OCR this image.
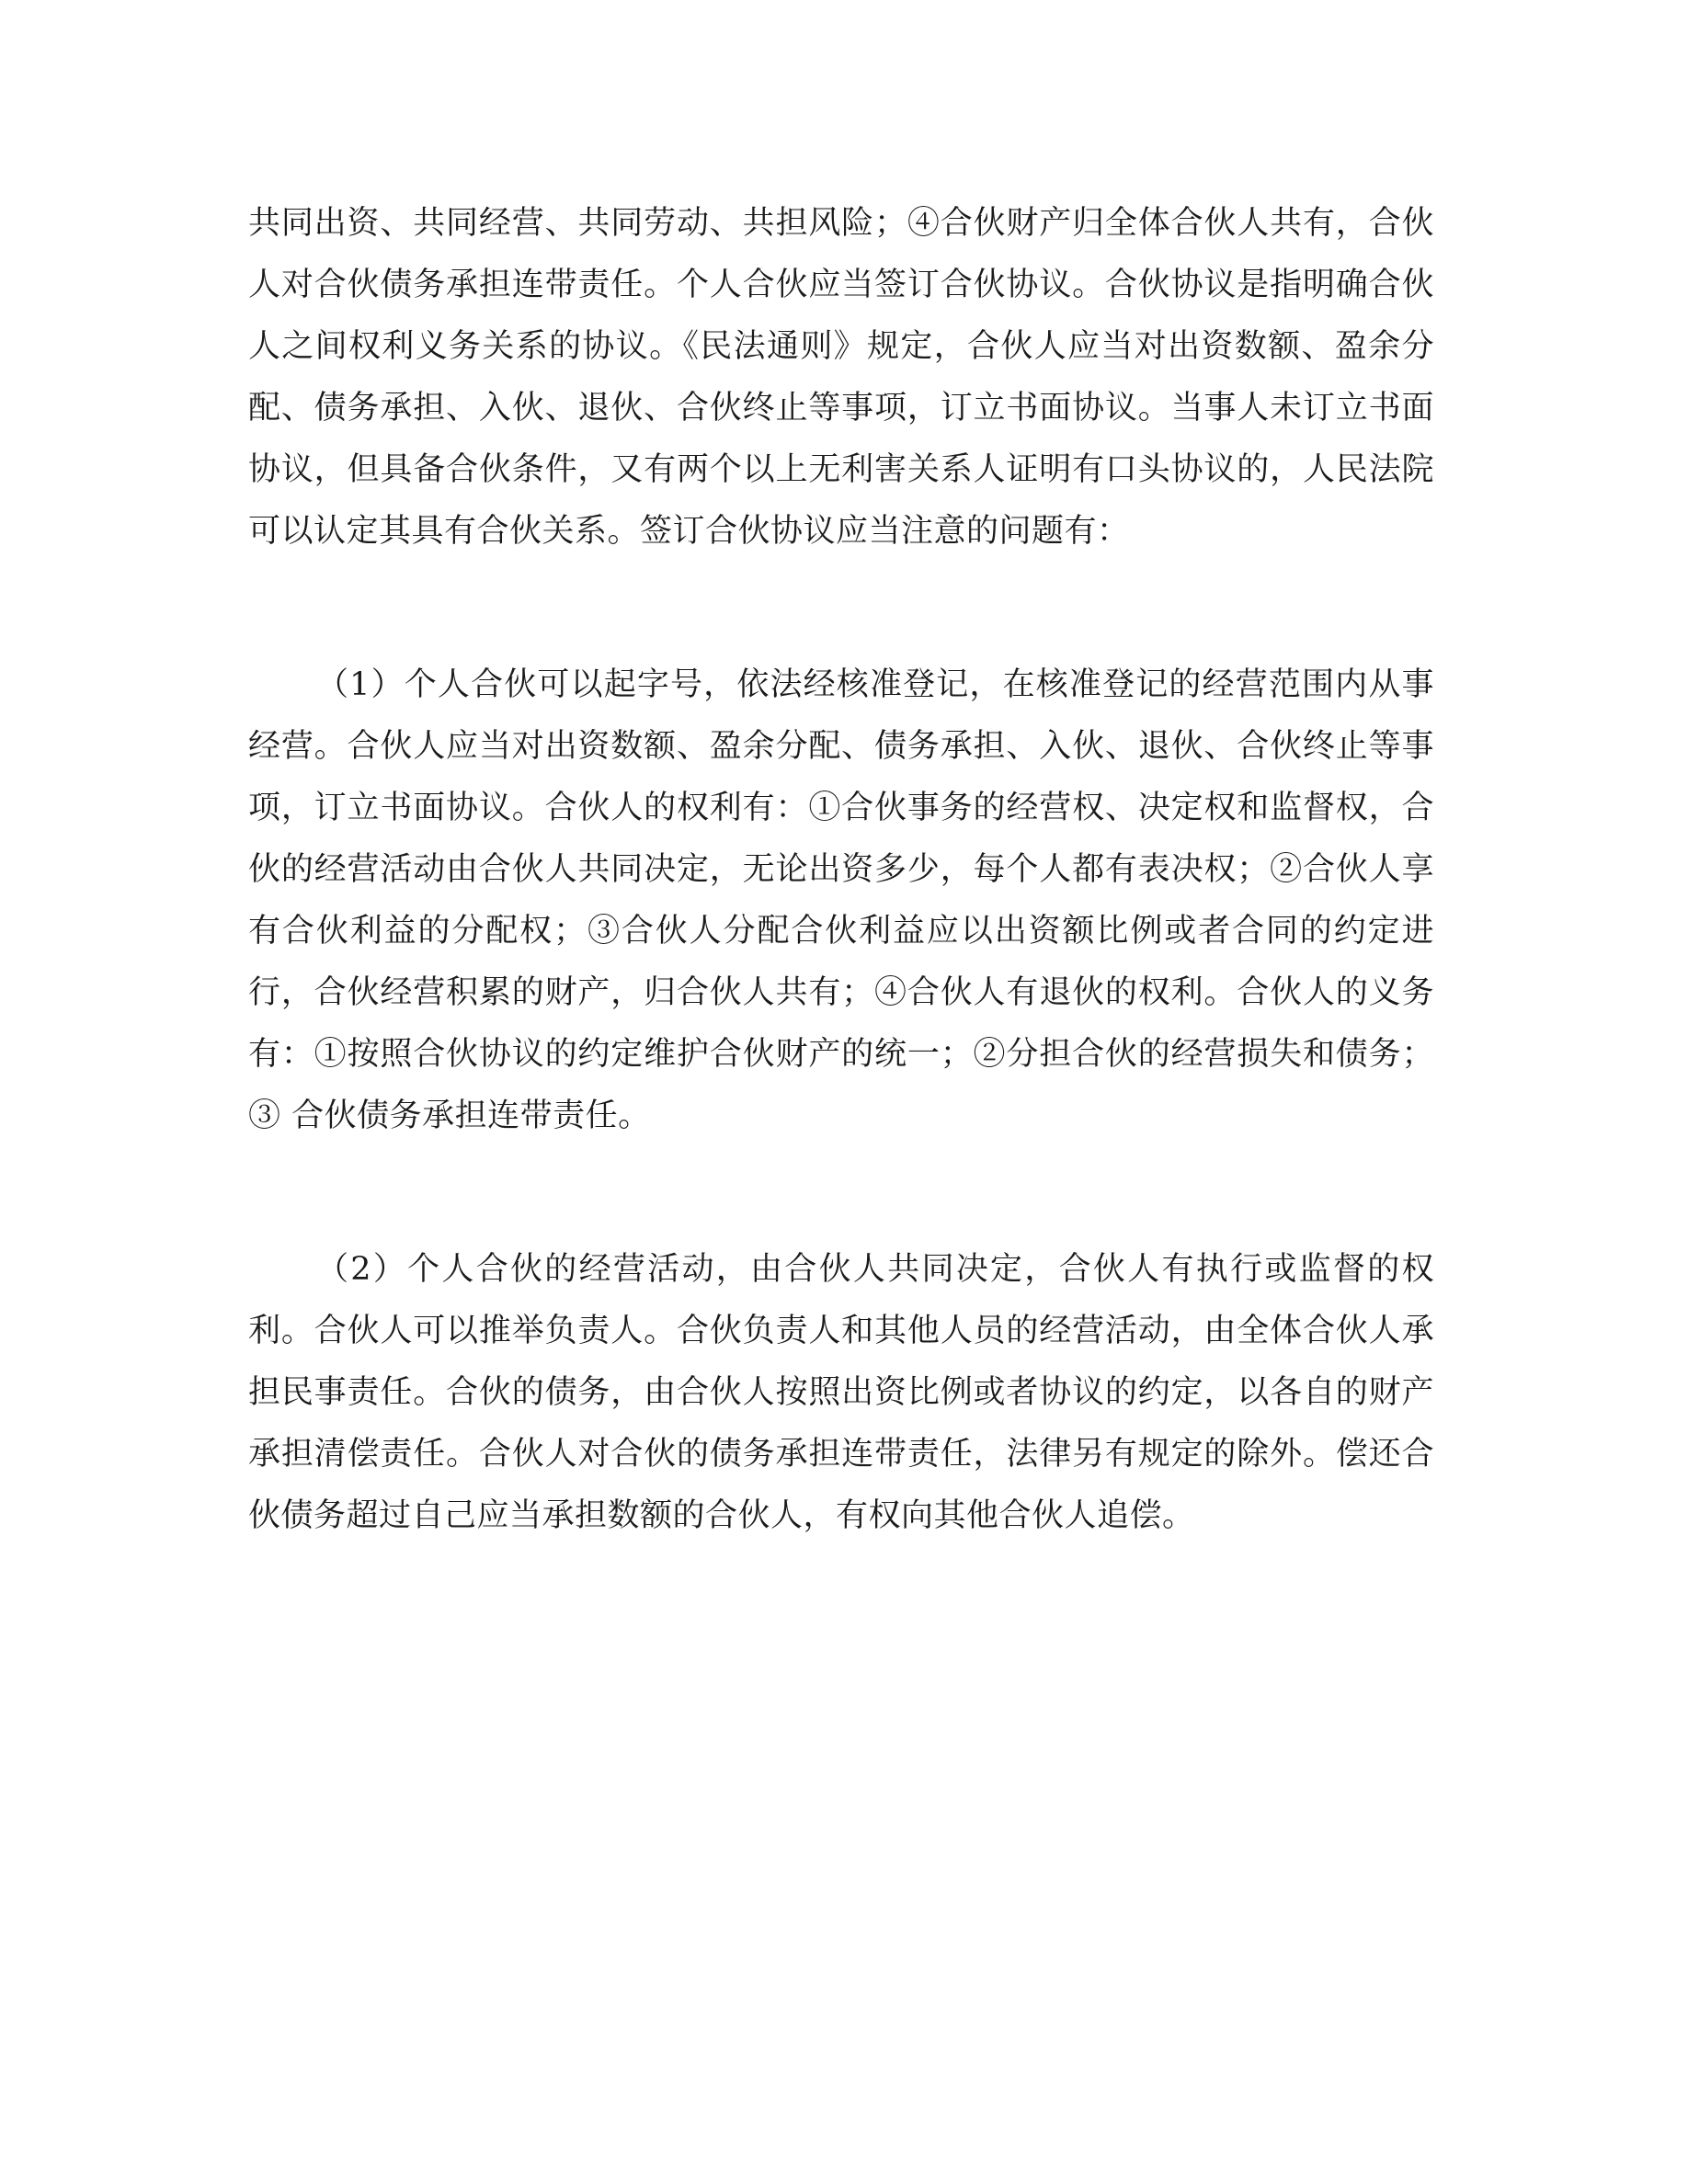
共同出资、共同经营、共同劳动、共担风险；④合伙财产归全体合伙人共有，合伙人对合伙债务承担连带责任。个人合伙应当签订合伙协议。合伙协议是指明确合伙人之间权利义务关系的协议。《民法通则》规定，合伙人应当对出资数额、盈余分配、债务承担、入伙、退伙、合伙终止等事项，订立书面协议。当事人未订立书面协议，但具备合伙条件，又有两个以上无利害关系人证明有口头协议的，人民法院可以认定其具有合伙关系。签订合伙协议应当注意的问题有：

（1）个人合伙可以起字号，依法经核准登记，在核准登记的经营范围内从事经营。合伙人应当对出资数额、盈余分配、债务承担、入伙、退伙、合伙终止等事项，订立书面协议。合伙人的权利有：①合伙事务的经营权、决定权和监督权，合伙的经营活动由合伙人共同决定，无论出资多少，每个人都有表决权；②合伙人享有合伙利益的分配权；③合伙人分配合伙利益应以出资额比例或者合同的约定进行，合伙经营积累的财产，归合伙人共有；④合伙人有退伙的权利。合伙人的义务有：①按照合伙协议的约定维护合伙财产的统一；②分担合伙的经营损失和债务；③ 合伙债务承担连带责任。

（2）个人合伙的经营活动，由合伙人共同决定，合伙人有执行或监督的权利。合伙人可以推举负责人。合伙负责人和其他人员的经营活动，由全体合伙人承担民事责任。合伙的债务，由合伙人按照出资比例或者协议的约定，以各自的财产承担清偿责任。合伙人对合伙的债务承担连带责任，法律另有规定的除外。偿还合伙债务超过自己应当承担数额的合伙人，有权向其他合伙人追偿。
